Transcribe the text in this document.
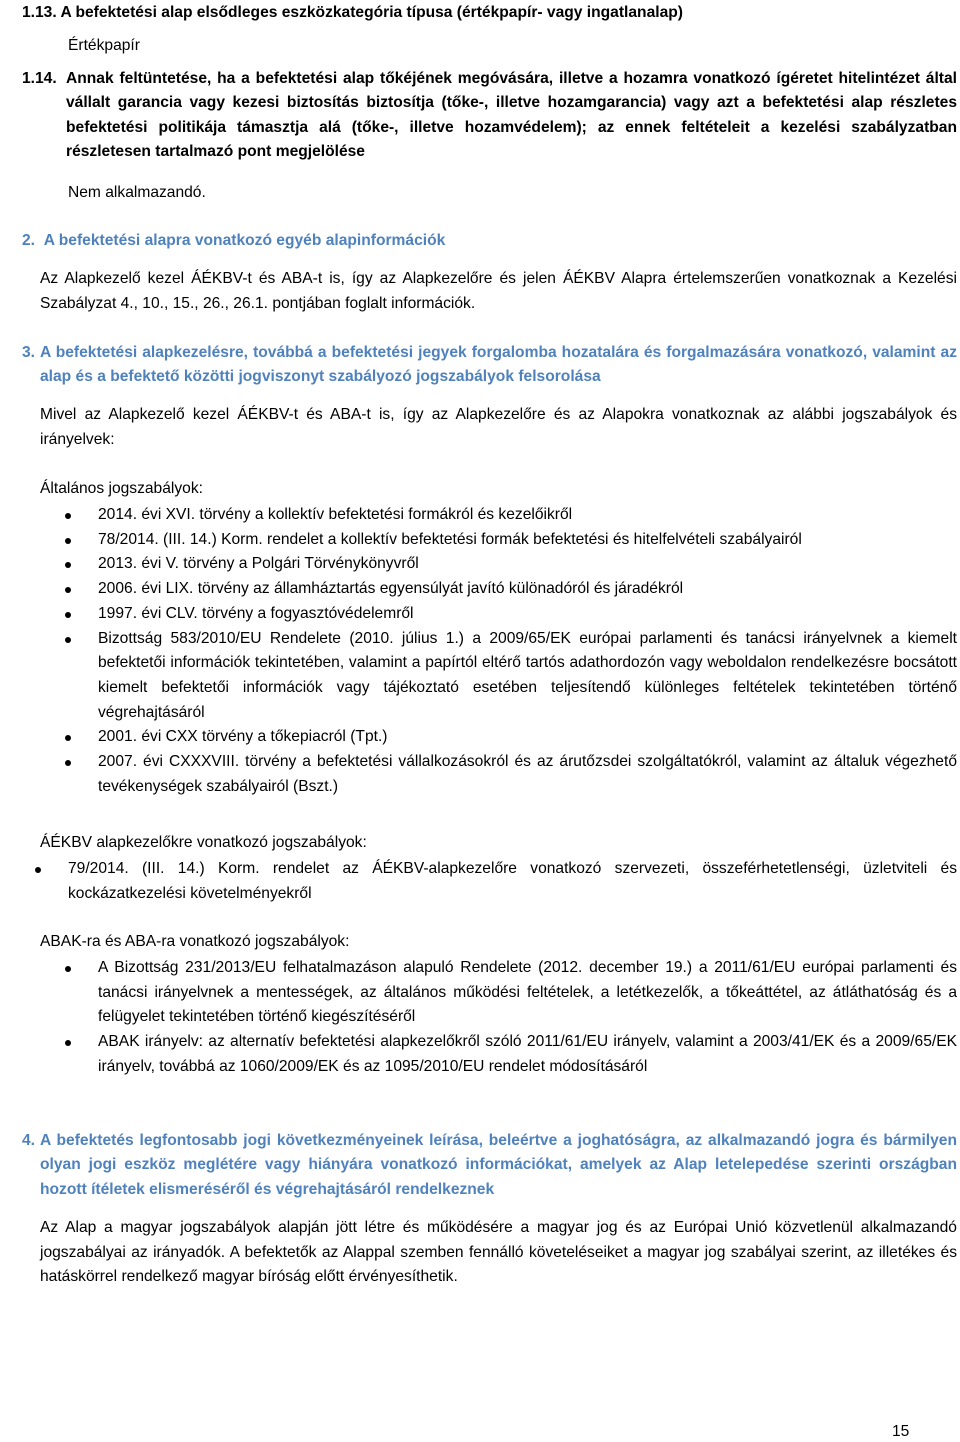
1.13. A befektetési alap elsődleges eszközkategória típusa (értékpapír- vagy ingatlanalap)
Értékpapír
1.14. Annak feltüntetése, ha a befektetési alap tőkéjének megóvására, illetve a hozamra vonatkozó ígéretet hitelintézet által vállalt garancia vagy kezesi biztosítás biztosítja (tőke-, illetve hozamgarancia) vagy azt a befektetési alap részletes befektetési politikája támasztja alá (tőke-, illetve hozamvédelem); az ennek feltételeit a kezelési szabályzatban részletesen tartalmazó pont megjelölése
Nem alkalmazandó.
2. A befektetési alapra vonatkozó egyéb alapinformációk
Az Alapkezelő kezel ÁÉKBV-t és ABA-t is, így az Alapkezelőre és jelen ÁÉKBV Alapra értelemszerűen vonatkoznak a Kezelési Szabályzat 4., 10., 15., 26., 26.1. pontjában foglalt információk.
3. A befektetési alapkezelésre, továbbá a befektetési jegyek forgalomba hozatalára és forgalmazására vonatkozó, valamint az alap és a befektető közötti jogviszonyt szabályozó jogszabályok felsorolása
Mivel az Alapkezelő kezel ÁÉKBV-t és ABA-t is, így az Alapkezelőre és az Alapokra vonatkoznak az alábbi jogszabályok és irányelvek:
Általános jogszabályok:
2014. évi XVI. törvény a kollektív befektetési formákról és kezelőikről
78/2014. (III. 14.) Korm. rendelet a kollektív befektetési formák befektetési és hitelfelvételi szabályairól
2013. évi V. törvény a Polgári Törvénykönyvről
2006. évi LIX. törvény az államháztartás egyensúlyát javító különadóról és járadékról
1997. évi CLV. törvény a fogyasztóvédelemről
Bizottság 583/2010/EU Rendelete (2010. július 1.) a 2009/65/EK európai parlamenti és tanácsi irányelvnek a kiemelt befektetői információk tekintetében, valamint a papírtól eltérő tartós adathordozón vagy weboldalon rendelkezésre bocsátott kiemelt befektetői információk vagy tájékoztató esetében teljesítendő különleges feltételek tekintetében történő végrehajtásáról
2001. évi CXX törvény a tőkepiacról (Tpt.)
2007. évi CXXXVIII. törvény a befektetési vállalkozásokról és az árutőzsdei szolgáltatókról, valamint az általuk végezhető tevékenységek szabályairól (Bszt.)
ÁÉKBV alapkezelőkre vonatkozó jogszabályok:
79/2014. (III. 14.) Korm. rendelet az ÁÉKBV-alapkezelőre vonatkozó szervezeti, összeférhetetlenségi, üzletviteli és kockázatkezelési követelményekről
ABAK-ra és ABA-ra vonatkozó jogszabályok:
A Bizottság 231/2013/EU felhatalmazáson alapuló Rendelete (2012. december 19.) a 2011/61/EU európai parlamenti és tanácsi irányelvnek a mentességek, az általános működési feltételek, a letétkezelők, a tőkeáttétel, az átláthatóság és a felügyelet tekintetében történő kiegészítéséről
ABAK irányelv: az alternatív befektetési alapkezelőkről szóló 2011/61/EU irányelv, valamint a 2003/41/EK és a 2009/65/EK irányelv, továbbá az 1060/2009/EK és az 1095/2010/EU rendelet módosításáról
4. A befektetés legfontosabb jogi következményeinek leírása, beleértve a joghatóságra, az alkalmazandó jogra és bármilyen olyan jogi eszköz meglétére vagy hiányára vonatkozó információkat, amelyek az Alap letelepedése szerinti országban hozott ítéletek elismeréséről és végrehajtásáról rendelkeznek
Az Alap a magyar jogszabályok alapján jött létre és működésére a magyar jog és az Európai Unió közvetlenül alkalmazandó jogszabályai az irányadók. A befektetők az Alappal szemben fennálló követeléseiket a magyar jog szabályai szerint, az illetékes és hatáskörrel rendelkező magyar bíróság előtt érvényesíthetik.
15
